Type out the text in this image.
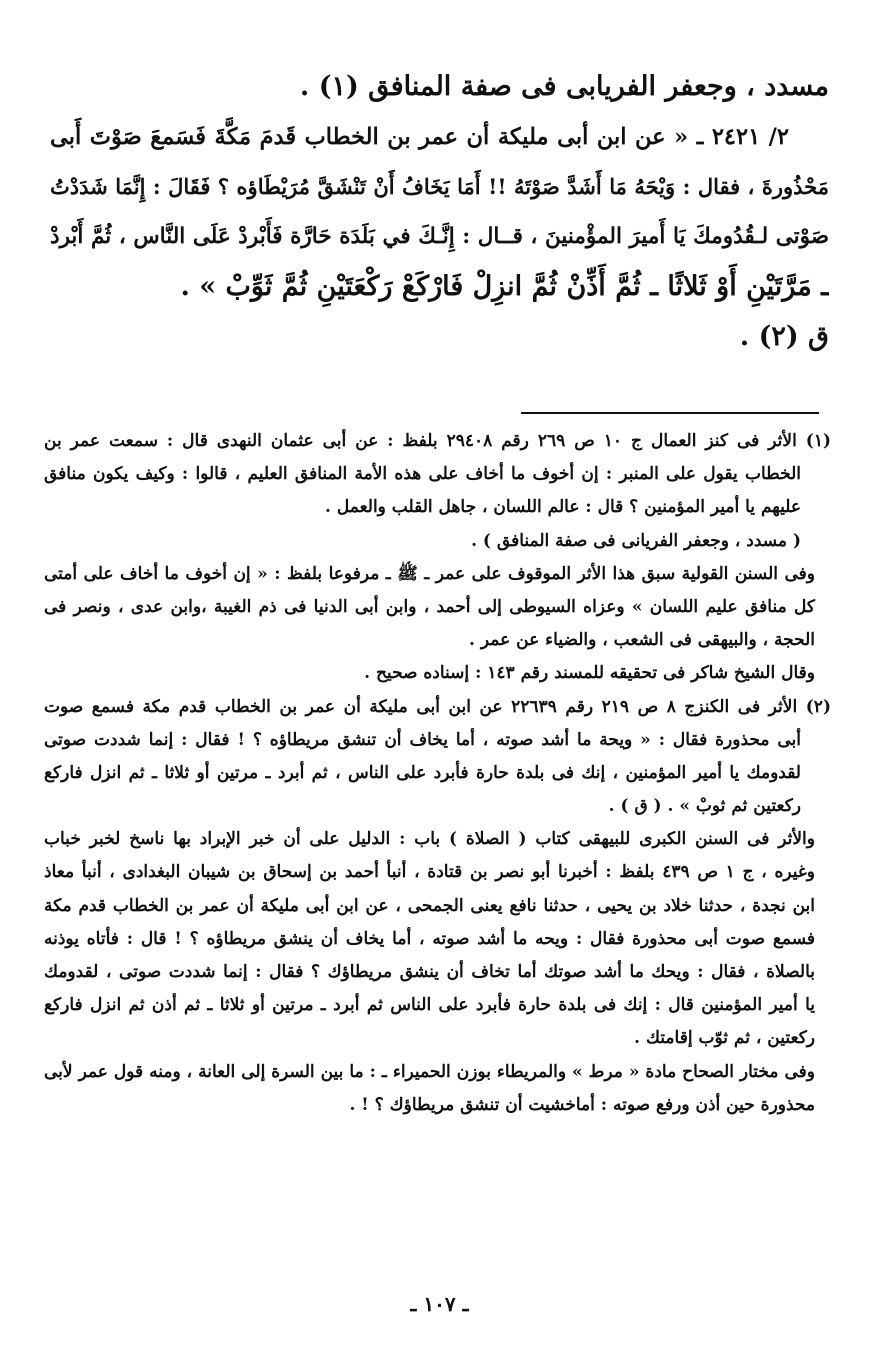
مسدد ، وجعفر الفريابى فى صفة المنافق (١) .
٢/ ٢٤٢١ ـ « عن ابن أبى مليكة أن عمر بن الخطاب قَدمَ مَكَّةَ فَسَمعَ صَوْتَ أَبى
مَحْذُورةَ ، فقال : وَيْحَهُ مَا أَشَدَّ صَوْتَهُ !! أَمَا يَخَافُ أَنْ تَنْشَقَّ مُرَيْطَاؤه ؟ فَقَالَ : إِنَّمَا شَدَدْتُ
صَوْتى لـقُدُومكَ يَا أَميرَ المؤْمنينَ ، قــال : إِنَّـكَ في بَلَدَة حَارَّة فَأَبْردْ عَلَى النَّاس ، ثُمَّ أَبْردْ
ـ مَرَّتَيْنِ أَوْ ثَلاثًا ـ ثُمَّ أَذِّنْ ثُمَّ انزِلْ فَارْكَعْ رَكْعَتَيْنِ ثُمَّ ثَوِّبْ » .
ق (٢) .
(١) الأثر فى كنز العمال ج ١٠ ص ٢٦٩ رقم ٢٩٤٠٨ بلفظ : عن أبى عثمان النهدى قال : سمعت عمر بن
الخطاب يقول على المنبر : إن أخوف ما أخاف على هذه الأمة المنافق العليم ، قالوا : وكيف يكون منافق
عليهم يا أمير المؤمنين ؟ قال : عالم اللسان ، جاهل القلب والعمل .
( مسدد ، وجعفر الفريانى فى صفة المنافق ) .
وفى السنن القولية سبق هذا الأثر الموقوف على عمر ـ ﷺ ـ مرفوعا بلفظ : « إن أخوف ما أخاف على أمتى
كل منافق عليم اللسان » وعزاه السيوطى إلى أحمد ، وابن أبى الدنيا فى ذم الغيبة ،وابن عدى ، ونصر فى
الحجة ، والبيهقى فى الشعب ، والضياء عن عمر .
وقال الشيخ شاكر فى تحقيقه للمسند رقم ١٤٣ : إسناده صحيح .
(٢) الأثر فى الكنزج ٨ ص ٢١٩ رقم ٢٢٦٣٩ عن ابن أبى مليكة أن عمر بن الخطاب قدم مكة فسمع صوت
أبى محذورة فقال : « ويحة ما أشد صوته ، أما يخاف أن تنشق مريطاؤه ؟ ! فقال : إنما شددت صوتى
لقدومك يا أمير المؤمنين ، إنك فى بلدة حارة فأبرد على الناس ، ثم أبرد ـ مرتين أو ثلاثا ـ ثم انزل فاركع
ركعتين ثم ثوبْ » . ( ق ) .
والأثر فى السنن الكبرى للبيهقى كتاب ( الصلاة ) باب : الدليل على أن خبر الإبراد بها ناسخ لخبر خباب
وغيره ، ج ١ ص ٤٣٩ بلفظ : أخبرنا أبو نصر بن قتادة ، أنبأ أحمد بن إسحاق بن شيبان البغدادى ، أنبأ معاذ
ابن نجدة ، حدثنا خلاد بن يحيى ، حدثنا نافع يعنى الجمحى ، عن ابن أبى مليكة أن عمر بن الخطاب قدم مكة
فسمع صوت أبى محذورة فقال : ويحه ما أشد صوته ، أما يخاف أن ينشق مريطاؤه ؟ ! قال : فأتاه يوذنه
بالصلاة ، فقال : ويحك ما أشد صوتك أما تخاف أن ينشق مريطاؤك ؟ فقال : إنما شددت صوتى ، لقدومك
يا أمير المؤمنين قال : إنك فى بلدة حارة فأبرد على الناس ثم أبرد ـ مرتين أو ثلاثا ـ ثم أذن ثم انزل فاركع
ركعتين ، ثم ثوّب إقامتك .
وفى مختار الصحاح مادة « مرط » والمريطاء بوزن الحميراء ـ : ما بين السرة إلى العانة ، ومنه قول عمر لأبى
محذورة حين أذن ورفع صوته : أماخشيت أن تنشق مريطاؤك ؟ ! .
ـ ١٠٧ ـ
